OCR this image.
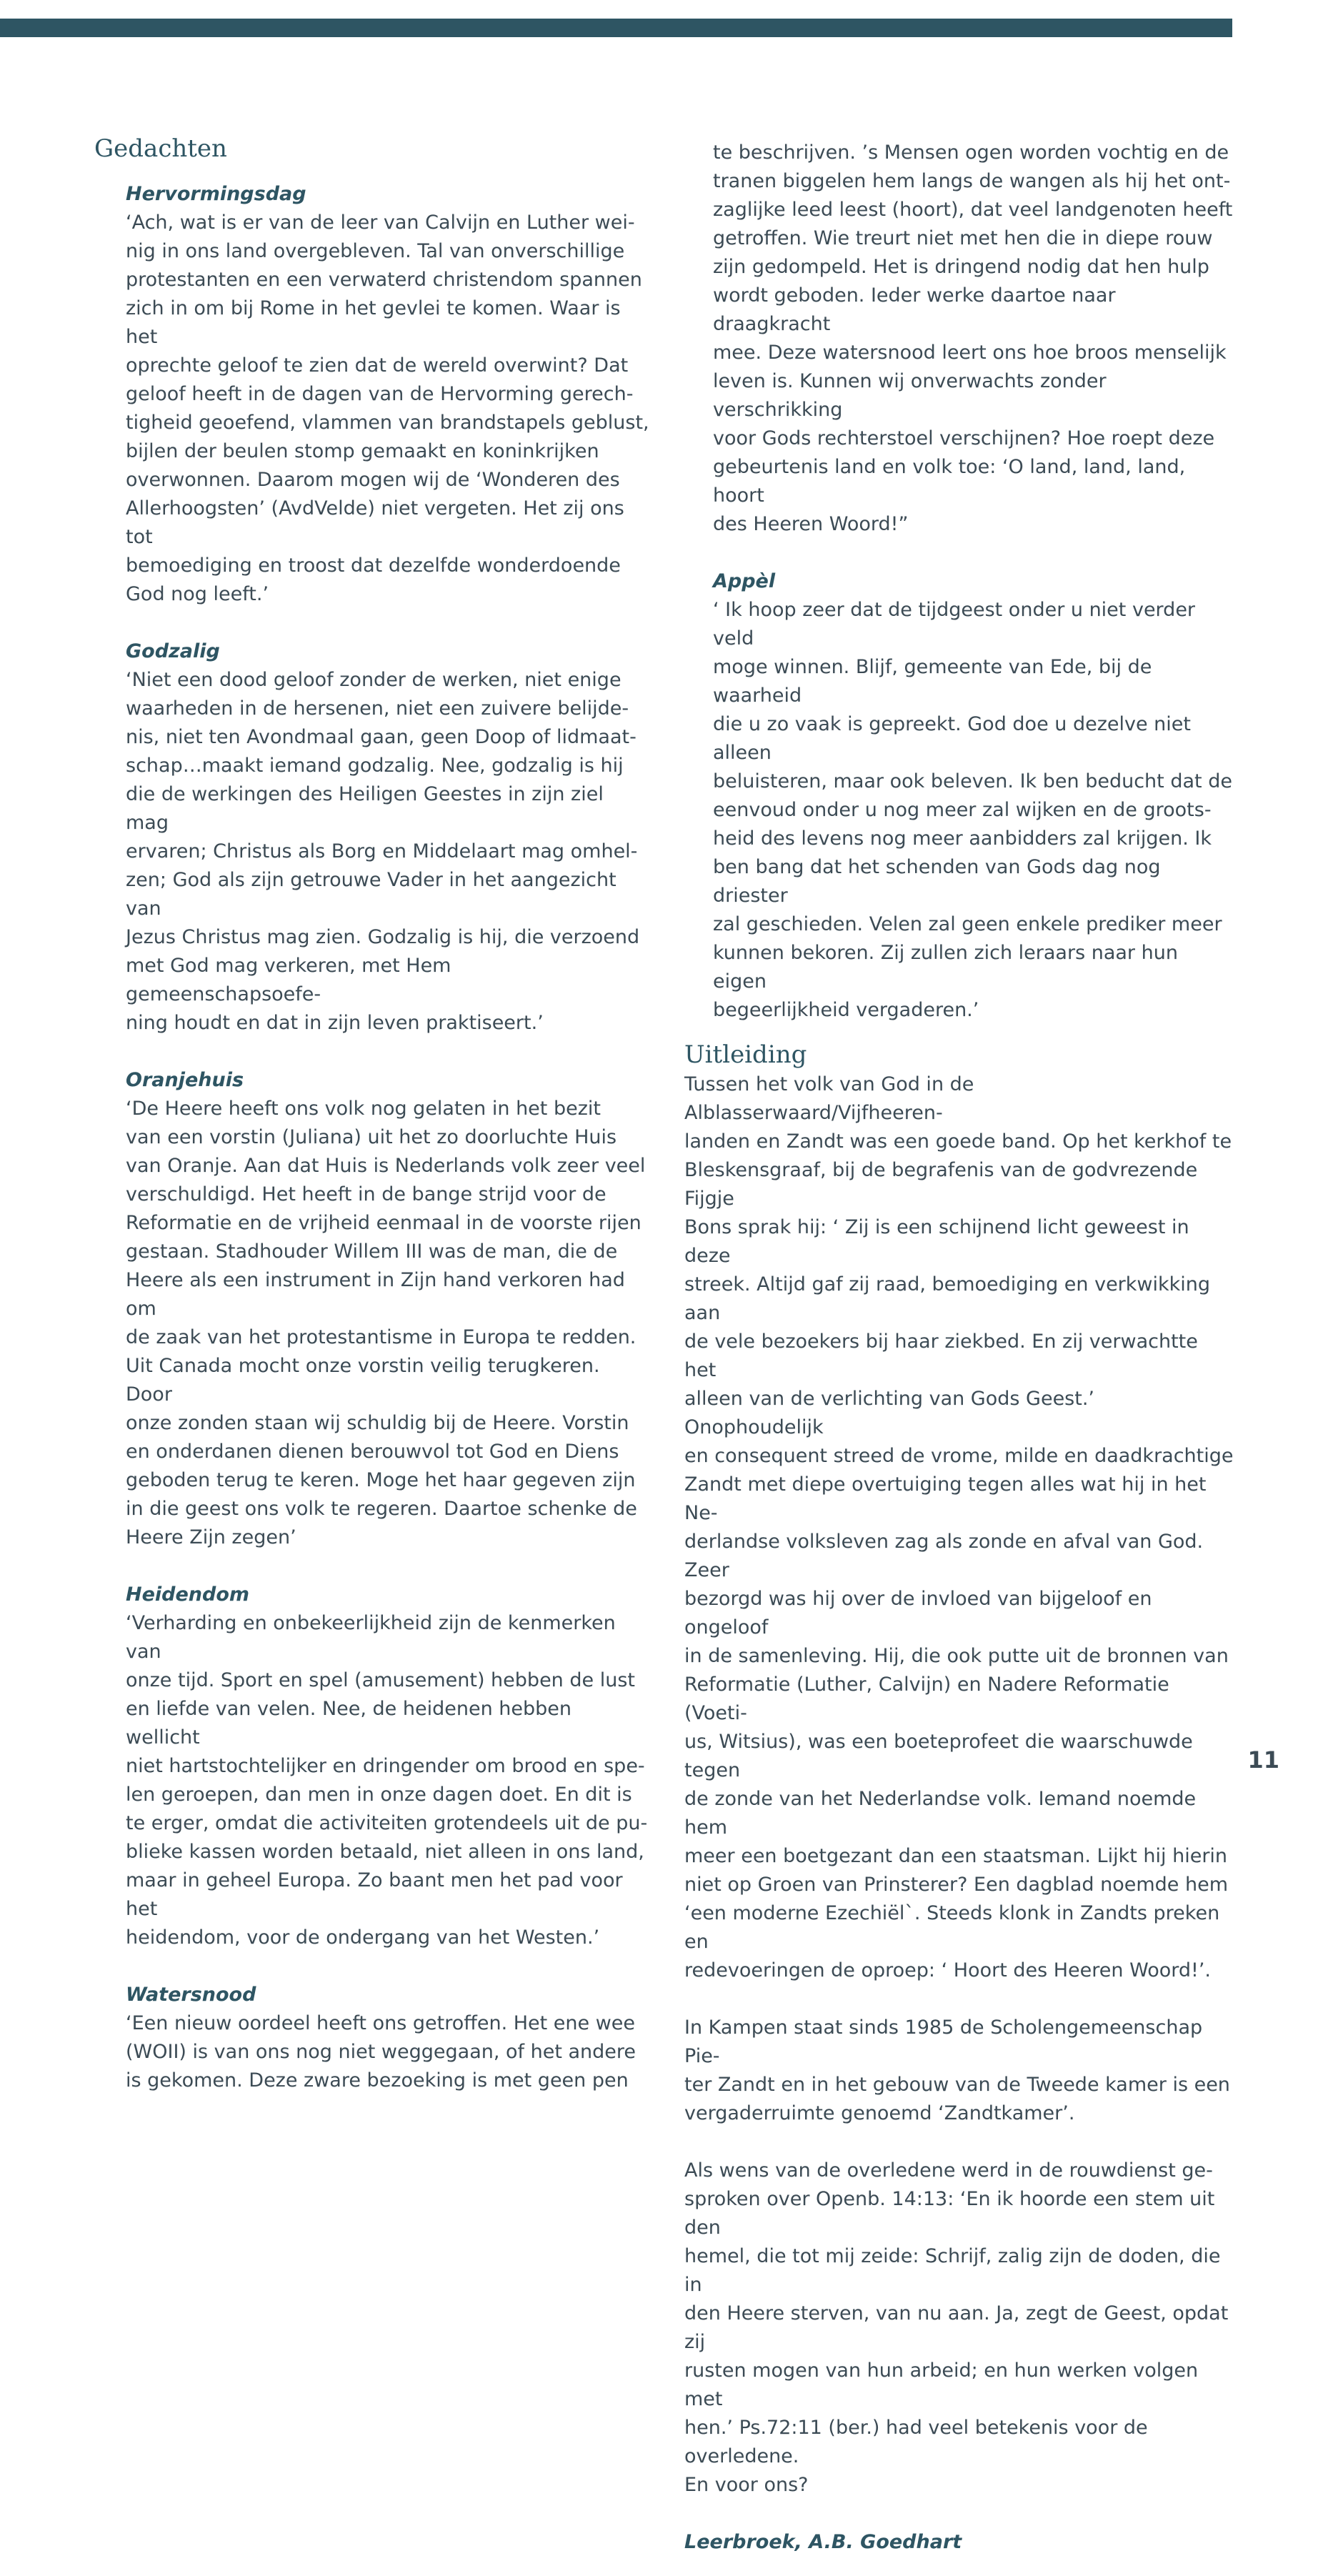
Gedachten

Hervormingsdag

‘Ach, wat is er van de leer van Calvijn en Luther wei-
nig in ons land overgebleven. Tal van onverschillige
protestanten en een verwaterd christendom spannen
zich in om bij Rome in het gevlei te komen. Waar is het
oprechte geloof te zien dat de wereld overwint? Dat
geloof heeft in de dagen van de Hervorming gerech-
tigheid geoefend, vlammen van brandstapels geblust,
bijlen der beulen stomp gemaakt en koninkrijken
overwonnen. Daarom mogen wij de ‘Wonderen des
Allerhoogsten’ (AvdVelde) niet vergeten. Het zij ons tot
bemoediging en troost dat dezelfde wonderdoende
God nog leeft.’

Godzalig

‘Niet een dood geloof zonder de werken, niet enige
waarheden in de hersenen, niet een zuivere belijde-
nis, niet ten Avondmaal gaan, geen Doop of lidmaat-
schap…maakt iemand godzalig. Nee, godzalig is hij
die de werkingen des Heiligen Geestes in zijn ziel mag
ervaren; Christus als Borg en Middelaart mag omhel-
zen; God als zijn getrouwe Vader in het aangezicht van
Jezus Christus mag zien. Godzalig is hij, die verzoend
met God mag verkeren, met Hem gemeenschapsoefe-
ning houdt en dat in zijn leven praktiseert.’

Oranjehuis

‘De Heere heeft ons volk nog gelaten in het bezit
van een vorstin (Juliana) uit het zo doorluchte Huis
van Oranje. Aan dat Huis is Nederlands volk zeer veel
verschuldigd. Het heeft in de bange strijd voor de
Reformatie en de vrijheid eenmaal in de voorste rijen
gestaan. Stadhouder Willem III was de man, die de
Heere als een instrument in Zijn hand verkoren had om
de zaak van het protestantisme in Europa te redden.
Uit Canada mocht onze vorstin veilig terugkeren. Door
onze zonden staan wij schuldig bij de Heere. Vorstin
en onderdanen dienen berouwvol tot God en Diens
geboden terug te keren. Moge het haar gegeven zijn
in die geest ons volk te regeren. Daartoe schenke de
Heere Zijn zegen’

Heidendom

‘Verharding en onbekeerlijkheid zijn de kenmerken van
onze tijd. Sport en spel (amusement) hebben de lust
en liefde van velen. Nee, de heidenen hebben wellicht
niet hartstochtelijker en dringender om brood en spe-
len geroepen, dan men in onze dagen doet. En dit is
te erger, omdat die activiteiten grotendeels uit de pu-
blieke kassen worden betaald, niet alleen in ons land,
maar in geheel Europa. Zo baant men het pad voor het
heidendom, voor de ondergang van het Westen.’

Watersnood

‘Een nieuw oordeel heeft ons getroffen. Het ene wee
(WOII) is van ons nog niet weggegaan, of het andere
is gekomen. Deze zware bezoeking is met geen pen

te beschrijven. ’s Mensen ogen worden vochtig en de
tranen biggelen hem langs de wangen als hij het ont-
zaglijke leed leest (hoort), dat veel landgenoten heeft
getroffen. Wie treurt niet met hen die in diepe rouw
zijn gedompeld. Het is dringend nodig dat hen hulp
wordt geboden. Ieder werke daartoe naar draagkracht
mee. Deze watersnood leert ons hoe broos menselijk
leven is. Kunnen wij onverwachts zonder verschrikking
voor Gods rechterstoel verschijnen? Hoe roept deze
gebeurtenis land en volk toe: ‘O land, land, land, hoort
des Heeren Woord!”

Appèl

‘ Ik hoop zeer dat de tijdgeest onder u niet verder veld
moge winnen. Blijf, gemeente van Ede, bij de waarheid
die u zo vaak is gepreekt. God doe u dezelve niet alleen
beluisteren, maar ook beleven. Ik ben beducht dat de
eenvoud onder u nog meer zal wijken en de groots-
heid des levens nog meer aanbidders zal krijgen. Ik
ben bang dat het schenden van Gods dag nog driester
zal geschieden. Velen zal geen enkele prediker meer
kunnen bekoren. Zij zullen zich leraars naar hun eigen
begeerlijkheid vergaderen.’

Uitleiding

Tussen het volk van God in de Alblasserwaard/Vijfheeren-
landen en Zandt was een goede band. Op het kerkhof te
Bleskensgraaf, bij de begrafenis van de godvrezende Fijgje
Bons sprak hij: ‘ Zij is een schijnend licht geweest in deze
streek. Altijd gaf zij raad, bemoediging en verkwikking aan
de vele bezoekers bij haar ziekbed. En zij verwachtte het
alleen van de verlichting van Gods Geest.’ Onophoudelijk
en consequent streed de vrome, milde en daadkrachtige
Zandt met diepe overtuiging tegen alles wat hij in het Ne-
derlandse volksleven zag als zonde en afval van God. Zeer
bezorgd was hij over de invloed van bijgeloof en ongeloof
in de samenleving. Hij, die ook putte uit de bronnen van
Reformatie (Luther, Calvijn) en Nadere Reformatie (Voeti-
us, Witsius), was een boeteprofeet die waarschuwde tegen
de zonde van het Nederlandse volk. Iemand noemde hem
meer een boetgezant dan een staatsman. Lijkt hij hierin
niet op Groen van Prinsterer? Een dagblad noemde hem
‘een moderne Ezechiël`. Steeds klonk in Zandts preken en
redevoeringen de oproep: ‘ Hoort des Heeren Woord!’.

In Kampen staat sinds 1985 de Scholengemeenschap Pie-
ter Zandt en in het gebouw van de Tweede kamer is een
vergaderruimte genoemd ‘Zandtkamer’.

Als wens van de overledene werd in de rouwdienst ge-
sproken over Openb. 14:13: ‘En ik hoorde een stem uit den
hemel, die tot mij zeide: Schrijf, zalig zijn de doden, die in
den Heere sterven, van nu aan. Ja, zegt de Geest, opdat zij
rusten mogen van hun arbeid; en hun werken volgen met
hen.’ Ps.72:11 (ber.) had veel betekenis voor de overledene.
En voor ons?

Leerbroek, A.B. Goedhart

11
